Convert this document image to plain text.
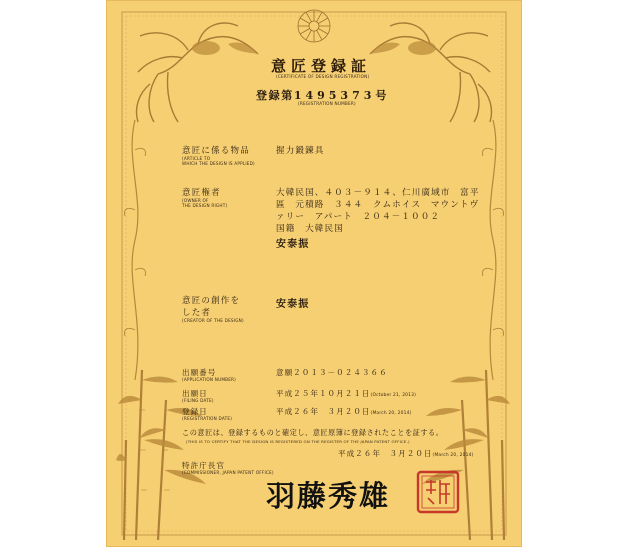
意匠登録証
(CERTIFICATE OF DESIGN REGISTRATION)
登録第1495373号
(REGISTRATION NUMBER)
意匠に係る物品
(ARTICLE TO
WHICH THE DESIGN IS APPLIED)
握力鍛錬具
意匠権者
(OWNER OF
THE DESIGN RIGHT)
大韓民国、４０３－９１４、仁川廣域市　富平
區　元積路　３４４　クムホイス　マウントヴ
ァリー　アパート　２０４－１００２
国籍　大韓民国
安泰振
意匠の創作を
した者
(CREATOR OF THE DESIGN)
安泰振
出願番号
(APPLICATION NUMBER)
意願２０１３－０２４３６６
出願日
(FILING DATE)
平成２５年１０月２１日(October 21, 2013)
登録日
(REGISTRATION DATE)
平成２６年　３月２０日(March 20, 2014)
この意匠は、登録するものと確定し、意匠原簿に登録されたことを証する。
(THIS IS TO CERTIFY THAT THE DESIGN IS REGISTERED ON THE REGISTER OF THE JAPAN PATENT OFFICE.)
平成２６年　３月２０日(March 20, 2014)
特許庁長官
(COMMISSIONER, JAPAN PATENT OFFICE)
羽藤秀雄
